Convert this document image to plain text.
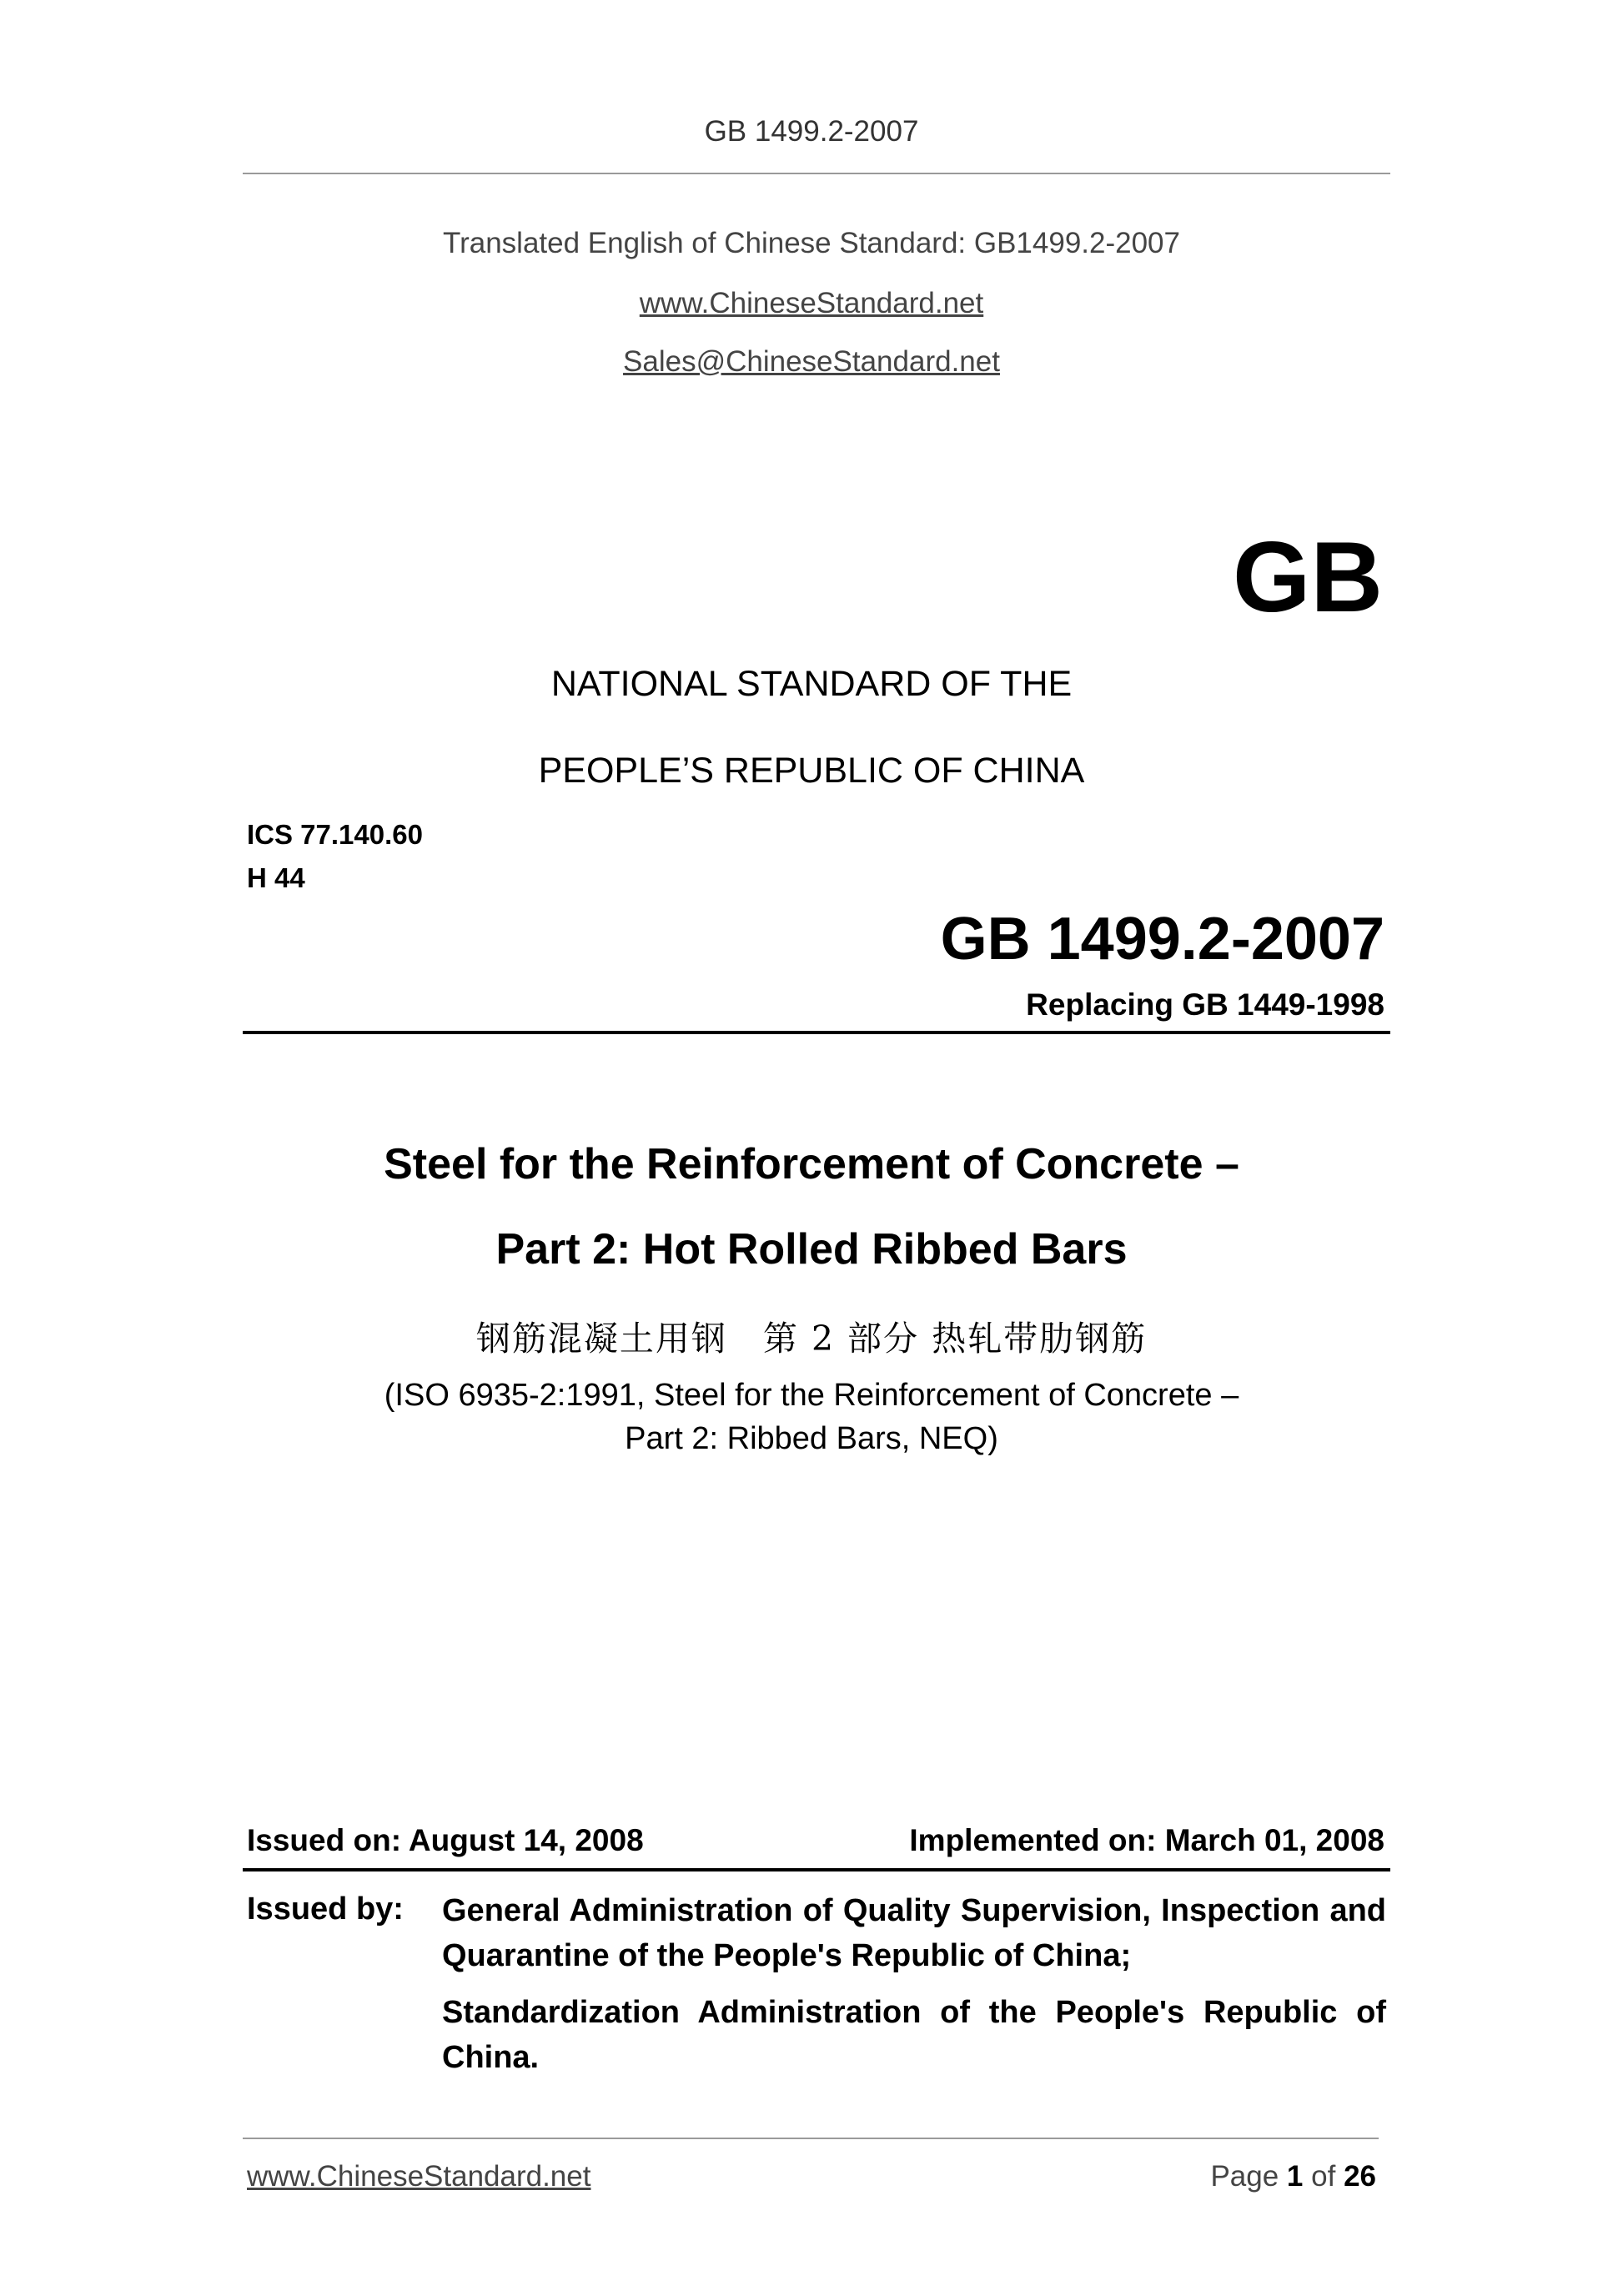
GB 1499.2-2007
Translated English of Chinese Standard: GB1499.2-2007
www.ChineseStandard.net
Sales@ChineseStandard.net
GB
NATIONAL STANDARD OF THE
PEOPLE’S REPUBLIC OF CHINA
ICS 77.140.60
H 44
GB 1499.2-2007
Replacing GB 1449-1998
Steel for the Reinforcement of Concrete –
Part 2: Hot Rolled Ribbed Bars
钢筋混凝土用钢　第 2 部分 热轧带肋钢筋
(ISO 6935-2:1991, Steel for the Reinforcement of Concrete –
Part 2: Ribbed Bars, NEQ)
Issued on: August 14, 2008	Implemented on: March 01, 2008
Issued by: General Administration of Quality Supervision, Inspection and Quarantine of the People's Republic of China;
Standardization Administration of the People's Republic of China.
www.ChineseStandard.net	Page 1 of 26
